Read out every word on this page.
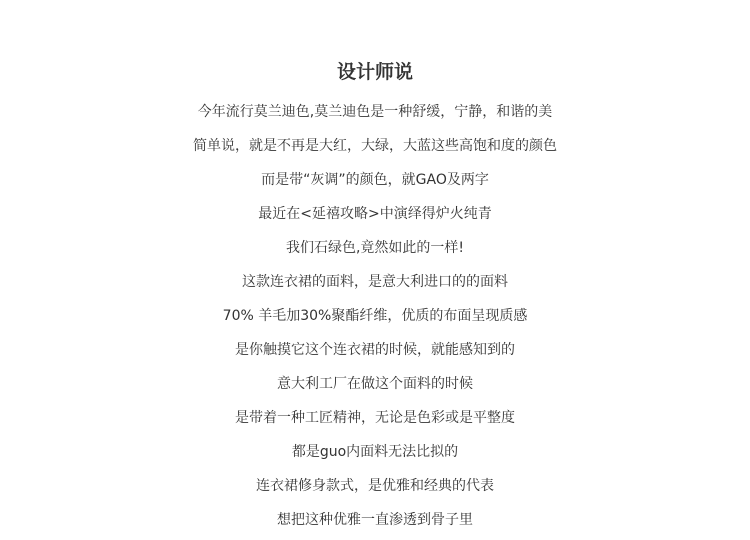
设计师说
今年流行莫兰迪色,莫兰迪色是一种舒缓，宁静，和谐的美
简单说，就是不再是大红，大绿，大蓝这些高饱和度的颜色
而是带“灰调”的颜色，就GAO及两字
最近在<延禧攻略>中演绎得炉火纯青
我们石绿色,竟然如此的一样!
这款连衣裙的面料，是意大利进口的的面料
70% 羊毛加30%聚酯纤维，优质的布面呈现质感
是你触摸它这个连衣裙的时候，就能感知到的
意大利工厂在做这个面料的时候
是带着一种工匠精神，无论是色彩或是平整度
都是guo内面料无法比拟的
连衣裙修身款式，是优雅和经典的代表
想把这种优雅一直渗透到骨子里
